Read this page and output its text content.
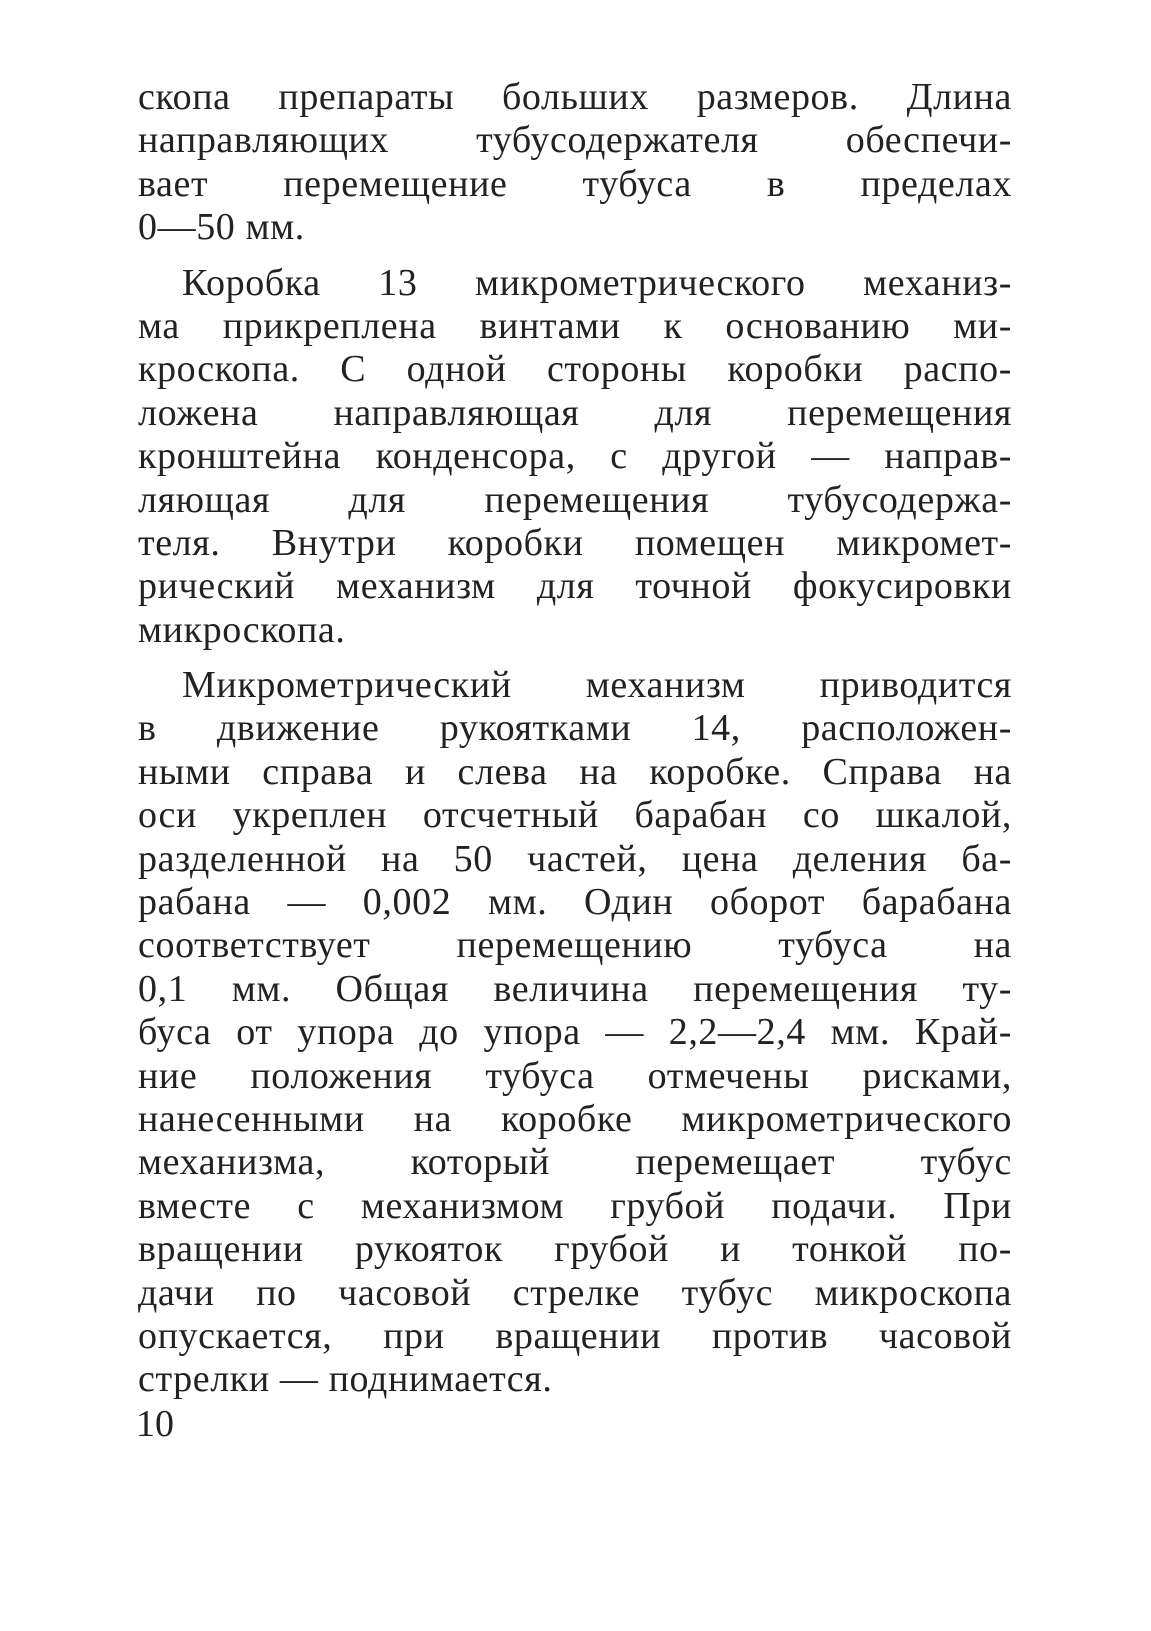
скопа препараты больших размеров. Длина
направляющих тубусодержателя обеспечи-
вает перемещение тубуса в пределах
0—50 мм.
Коробка 13 микрометрического механиз-
ма прикреплена винтами к основанию ми-
кроскопа. С одной стороны коробки распо-
ложена направляющая для перемещения
кронштейна конденсора, с другой — направ-
ляющая для перемещения тубусодержа-
теля. Внутри коробки помещен микромет-
рический механизм для точной фокусировки
микроскопа.
Микрометрический механизм приводится
в движение рукоятками 14, расположен-
ными справа и слева на коробке. Справа на
оси укреплен отсчетный барабан со шкалой,
разделенной на 50 частей, цена деления ба-
рабана — 0,002 мм. Один оборот барабана
соответствует перемещению тубуса на
0,1 мм. Общая величина перемещения ту-
буса от упора до упора — 2,2—2,4 мм. Край-
ние положения тубуса отмечены рисками,
нанесенными на коробке микрометрического
механизма, который перемещает тубус
вместе с механизмом грубой подачи. При
вращении рукояток грубой и тонкой по-
дачи по часовой стрелке тубус микроскопа
опускается, при вращении против часовой
стрелки — поднимается.
10
